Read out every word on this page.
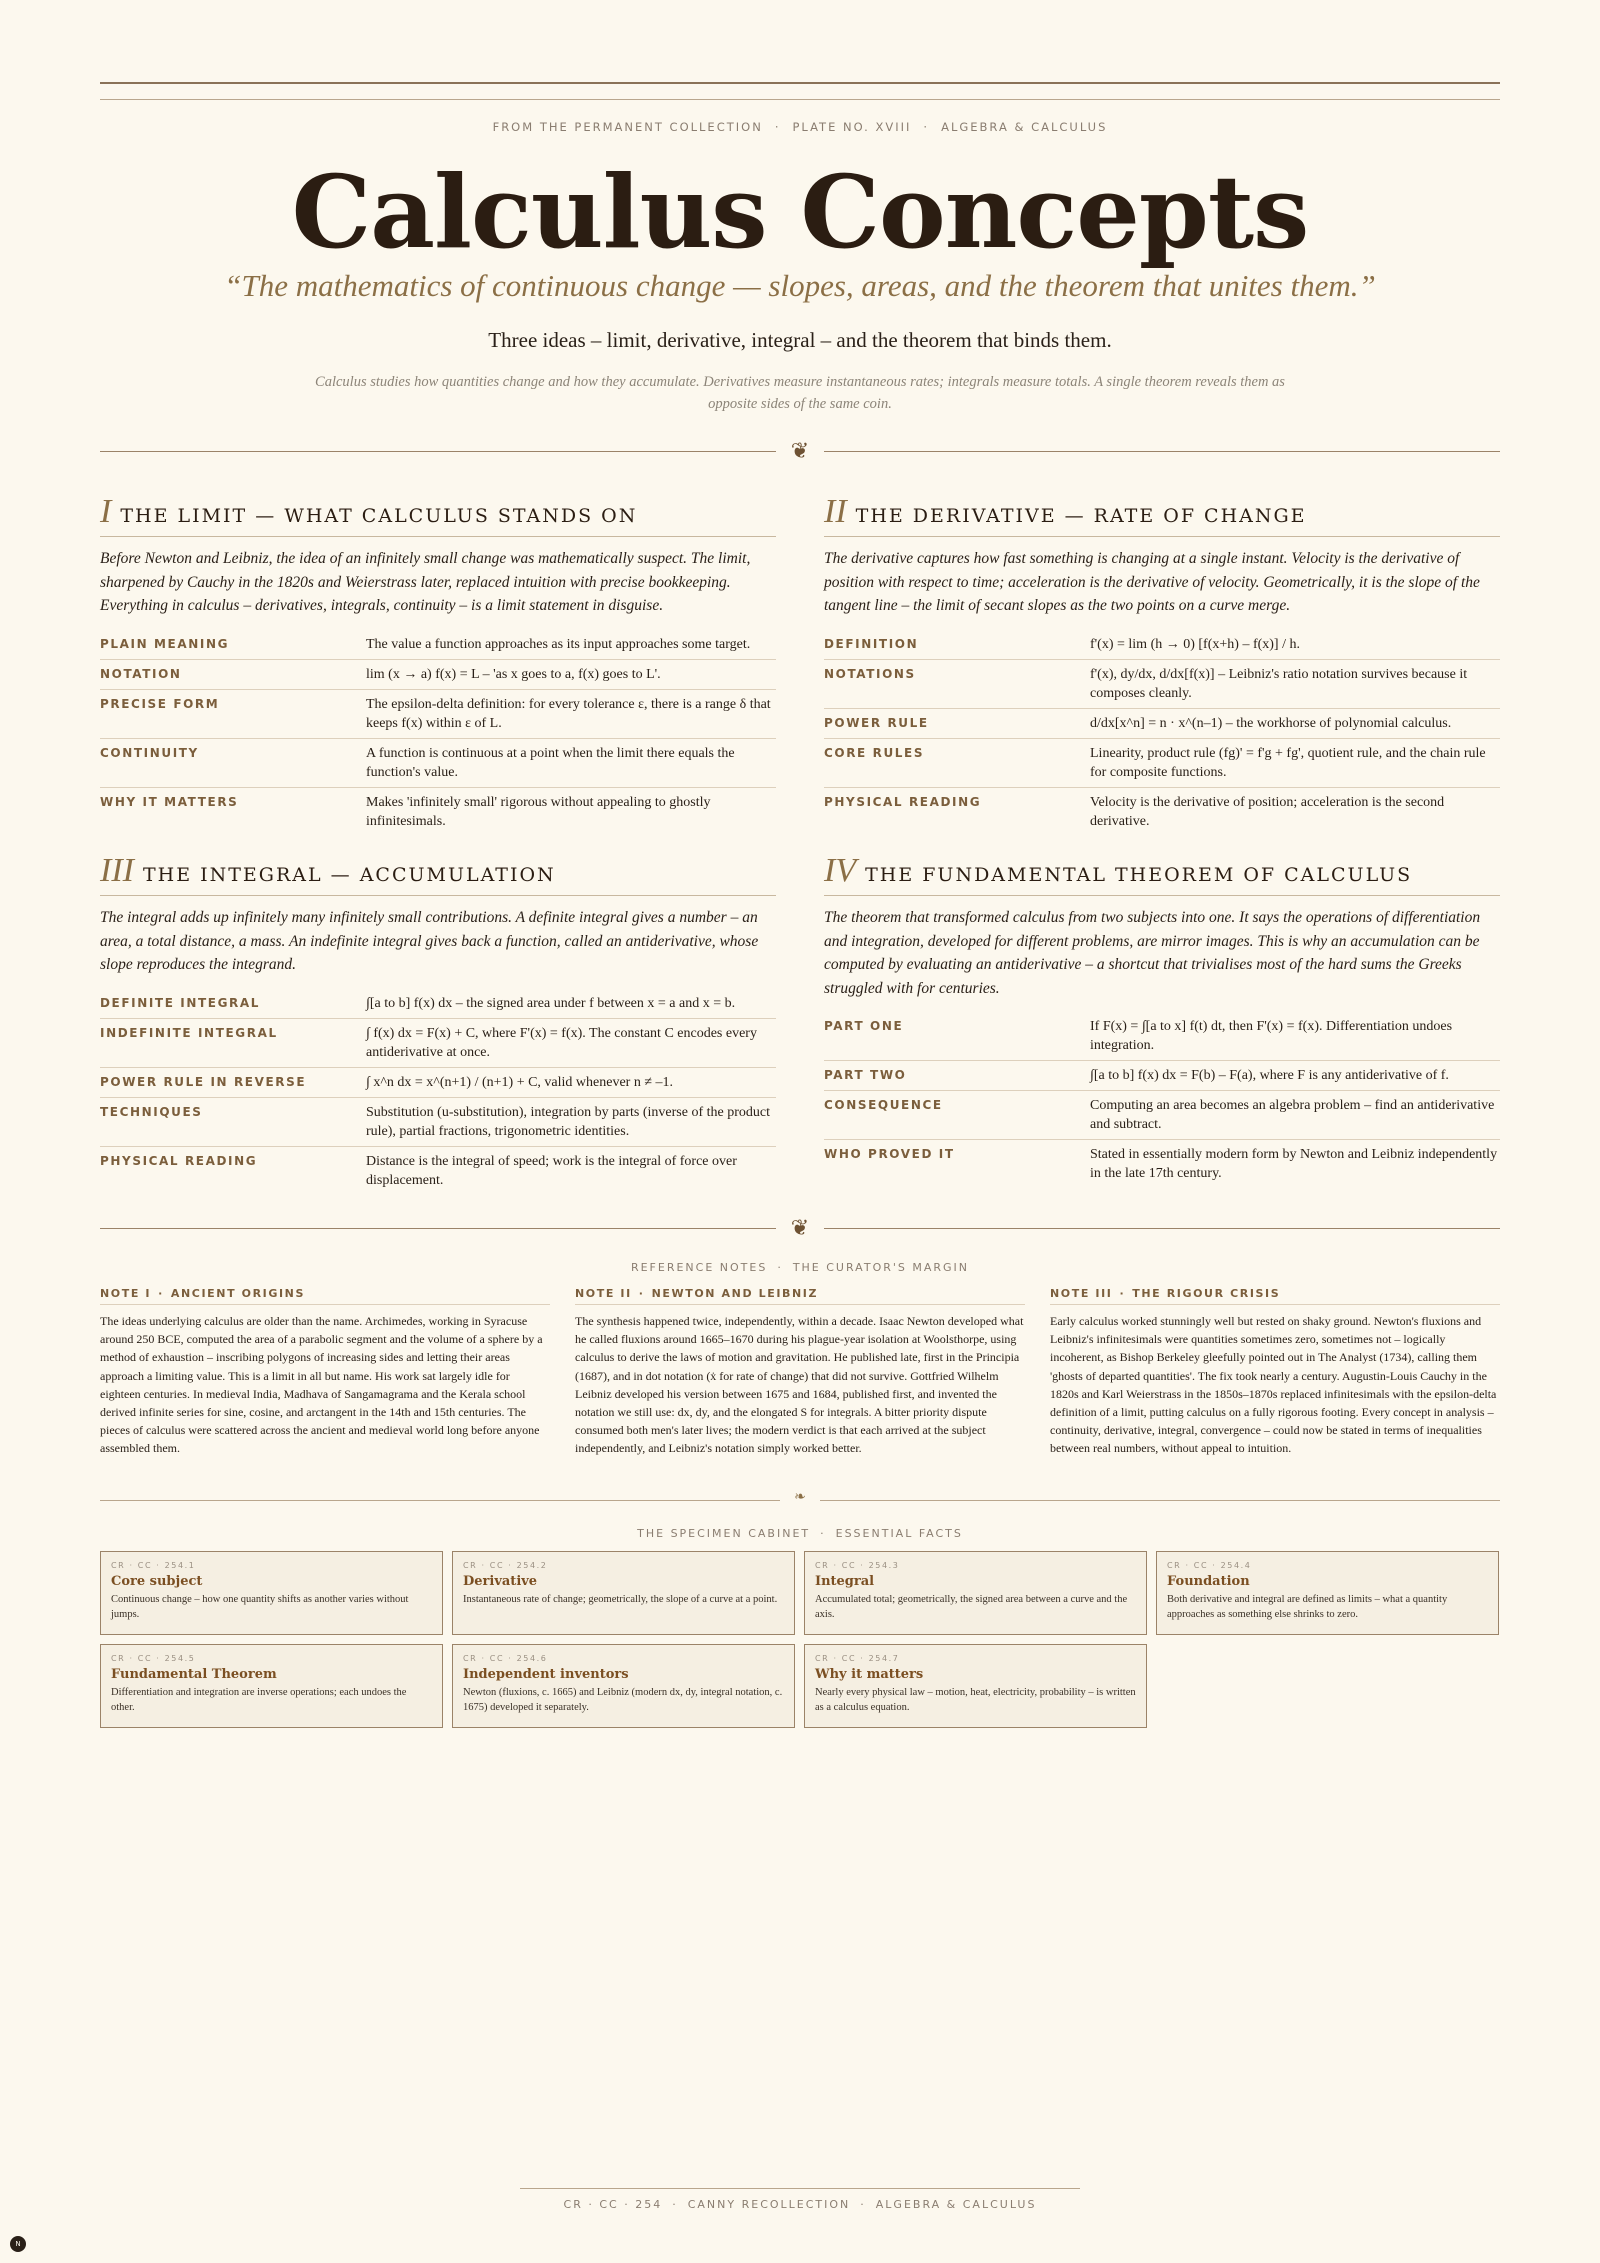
FROM THE PERMANENT COLLECTION · PLATE NO. XVIII · ALGEBRA & CALCULUS
Calculus Concepts
“The mathematics of continuous change — slopes, areas, and the theorem that unites them.”
Three ideas – limit, derivative, integral – and the theorem that binds them.
Calculus studies how quantities change and how they accumulate. Derivatives measure instantaneous rates; integrals measure totals. A single theorem reveals them as opposite sides of the same coin.
❦
I THE LIMIT — WHAT CALCULUS STANDS ON

Before Newton and Leibniz, the idea of an infinitely small change was mathematically suspect. The limit, sharpened by Cauchy in the 1820s and Weierstrass later, replaced intuition with precise bookkeeping. Everything in calculus – derivatives, integrals, continuity – is a limit statement in disguise.

PLAIN MEANING	The value a function approaches as its input approaches some target.
NOTATION	lim (x → a) f(x) = L – 'as x goes to a, f(x) goes to L'.
PRECISE FORM	The epsilon-delta definition: for every tolerance ε, there is a range δ that keeps f(x) within ε of L.
CONTINUITY	A function is continuous at a point when the limit there equals the function's value.
WHY IT MATTERS	Makes 'infinitely small' rigorous without appealing to ghostly infinitesimals.
II THE DERIVATIVE — RATE OF CHANGE

The derivative captures how fast something is changing at a single instant. Velocity is the derivative of position with respect to time; acceleration is the derivative of velocity. Geometrically, it is the slope of the tangent line – the limit of secant slopes as the two points on a curve merge.

DEFINITION	f'(x) = lim (h → 0) [f(x+h) – f(x)] / h.
NOTATIONS	f'(x), dy/dx, d/dx[f(x)] – Leibniz's ratio notation survives because it composes cleanly.
POWER RULE	d/dx[x^n] = n · x^(n–1) – the workhorse of polynomial calculus.
CORE RULES	Linearity, product rule (fg)' = f'g + fg', quotient rule, and the chain rule for composite functions.
PHYSICAL READING	Velocity is the derivative of position; acceleration is the second derivative.
III THE INTEGRAL — ACCUMULATION

The integral adds up infinitely many infinitely small contributions. A definite integral gives a number – an area, a total distance, a mass. An indefinite integral gives back a function, called an antiderivative, whose slope reproduces the integrand.

DEFINITE INTEGRAL	∫[a to b] f(x) dx – the signed area under f between x = a and x = b.
INDEFINITE INTEGRAL	∫ f(x) dx = F(x) + C, where F'(x) = f(x). The constant C encodes every antiderivative at once.
POWER RULE IN REVERSE	∫ x^n dx = x^(n+1) / (n+1) + C, valid whenever n ≠ –1.
TECHNIQUES	Substitution (u-substitution), integration by parts (inverse of the product rule), partial fractions, trigonometric identities.
PHYSICAL READING	Distance is the integral of speed; work is the integral of force over displacement.
IV THE FUNDAMENTAL THEOREM OF CALCULUS

The theorem that transformed calculus from two subjects into one. It says the operations of differentiation and integration, developed for different problems, are mirror images. This is why an accumulation can be computed by evaluating an antiderivative – a shortcut that trivialises most of the hard sums the Greeks struggled with for centuries.

PART ONE	If F(x) = ∫[a to x] f(t) dt, then F'(x) = f(x). Differentiation undoes integration.
PART TWO	∫[a to b] f(x) dx = F(b) – F(a), where F is any antiderivative of f.
CONSEQUENCE	Computing an area becomes an algebra problem – find an antiderivative and subtract.
WHO PROVED IT	Stated in essentially modern form by Newton and Leibniz independently in the late 17th century.
❦
REFERENCE NOTES · THE CURATOR'S MARGIN
NOTE I · ANCIENT ORIGINS

The ideas underlying calculus are older than the name. Archimedes, working in Syracuse around 250 BCE, computed the area of a parabolic segment and the volume of a sphere by a method of exhaustion – inscribing polygons of increasing sides and letting their areas approach a limiting value. This is a limit in all but name. His work sat largely idle for eighteen centuries. In medieval India, Madhava of Sangamagrama and the Kerala school derived infinite series for sine, cosine, and arctangent in the 14th and 15th centuries. The pieces of calculus were scattered across the ancient and medieval world long before anyone assembled them.

NOTE II · NEWTON AND LEIBNIZ

The synthesis happened twice, independently, within a decade. Isaac Newton developed what he called fluxions around 1665–1670 during his plague-year isolation at Woolsthorpe, using calculus to derive the laws of motion and gravitation. He published late, first in the Principia (1687), and in dot notation (ẋ for rate of change) that did not survive. Gottfried Wilhelm Leibniz developed his version between 1675 and 1684, published first, and invented the notation we still use: dx, dy, and the elongated S for integrals. A bitter priority dispute consumed both men's later lives; the modern verdict is that each arrived at the subject independently, and Leibniz's notation simply worked better.

NOTE III · THE RIGOUR CRISIS

Early calculus worked stunningly well but rested on shaky ground. Newton's fluxions and Leibniz's infinitesimals were quantities sometimes zero, sometimes not – logically incoherent, as Bishop Berkeley gleefully pointed out in The Analyst (1734), calling them 'ghosts of departed quantities'. The fix took nearly a century. Augustin-Louis Cauchy in the 1820s and Karl Weierstrass in the 1850s–1870s replaced infinitesimals with the epsilon-delta definition of a limit, putting calculus on a fully rigorous footing. Every concept in analysis – continuity, derivative, integral, convergence – could now be stated in terms of inequalities between real numbers, without appeal to intuition.

❧
THE SPECIMEN CABINET · ESSENTIAL FACTS
CR · CC · 254.1
Core subject
Continuous change – how one quantity shifts as another varies without jumps.
CR · CC · 254.2
Derivative
Instantaneous rate of change; geometrically, the slope of a curve at a point.
CR · CC · 254.3
Integral
Accumulated total; geometrically, the signed area between a curve and the axis.
CR · CC · 254.4
Foundation
Both derivative and integral are defined as limits – what a quantity approaches as something else shrinks to zero.
CR · CC · 254.5
Fundamental Theorem
Differentiation and integration are inverse operations; each undoes the other.
CR · CC · 254.6
Independent inventors
Newton (fluxions, c. 1665) and Leibniz (modern dx, dy, integral notation, c. 1675) developed it separately.
CR · CC · 254.7
Why it matters
Nearly every physical law – motion, heat, electricity, probability – is written as a calculus equation.
CR · CC · 254 · CANNY RECOLLECTION · ALGEBRA & CALCULUS
N
